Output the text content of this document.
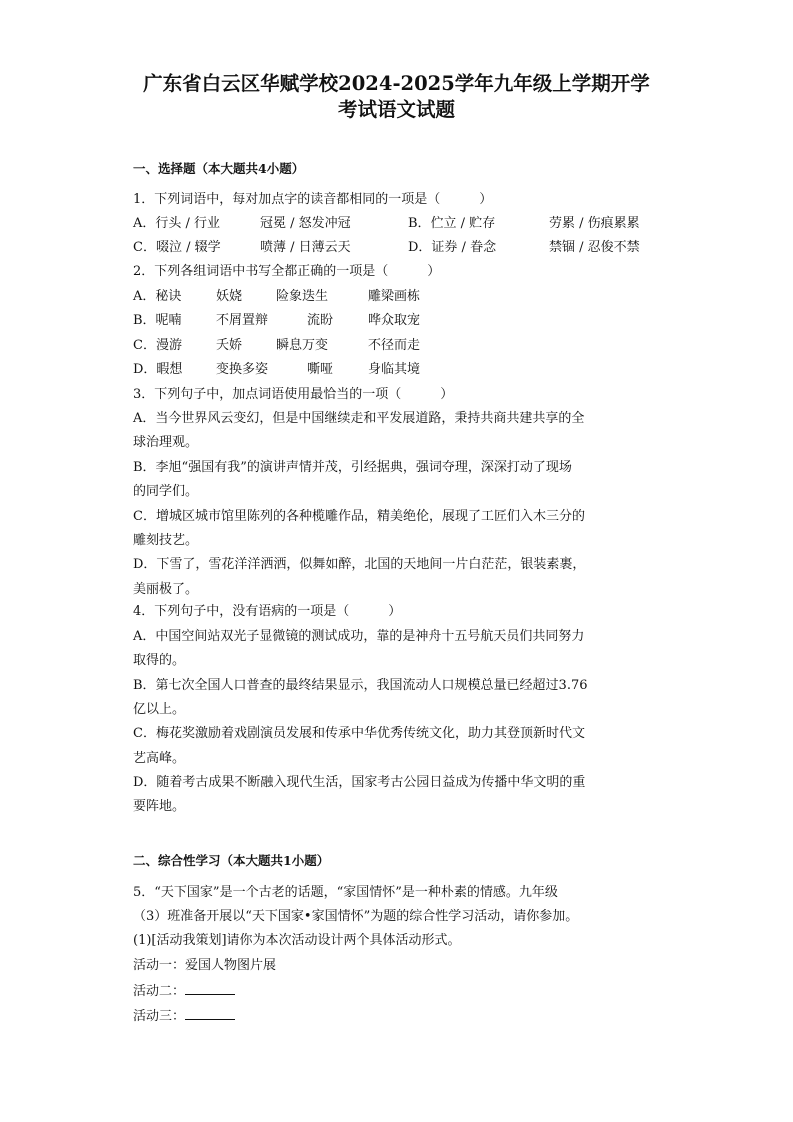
广东省白云区华赋学校2024-2025学年九年级上学期开学
考试语文试题
一、选择题（本大题共4小题）
1．下列词语中，每对加点字的读音都相同的一项是（　　　）
A．行头 / 行业	冠冕 / 怒发冲冠	B．伫立 / 贮存	劳累 / 伤痕累累
C．啜泣 / 辍学	喷薄 / 日薄云天	D．证券 / 眷念	禁锢 / 忍俊不禁
2．下列各组词语中书写全都正确的一项是（　　　）
A．秘诀	妖娆	险象迭生	雕梁画栋
B．呢喃	不屑置辩	流盼	哗众取宠
C．漫游	夭娇	瞬息万变	不径而走
D．暇想	变换多姿	嘶哑	身临其境
3．下列句子中，加点词语使用最恰当的一项（　　　）
A．当今世界风云变幻，但是中国继续走和平发展道路，秉持共商共建共享的全
球治理观。
B．李旭“强国有我”的演讲声情并茂，引经据典，强词夺理，深深打动了现场
的同学们。
C．增城区城市馆里陈列的各种榄雕作品，精美绝伦，展现了工匠们入木三分的
雕刻技艺。
D．下雪了，雪花洋洋洒洒，似舞如醉，北国的天地间一片白茫茫，银装素裹，
美丽极了。
4．下列句子中，没有语病的一项是（　　　）
A．中国空间站双光子显微镜的测试成功，靠的是神舟十五号航天员们共同努力
取得的。
B．第七次全国人口普查的最终结果显示，我国流动人口规模总量已经超过3.76
亿以上。
C．梅花奖激励着戏剧演员发展和传承中华优秀传统文化，助力其登顶新时代文
艺高峰。
D．随着考古成果不断融入现代生活，国家考古公园日益成为传播中华文明的重
要阵地。
二、综合性学习（本大题共1小题）
5．“天下国家”是一个古老的话题，“家国情怀”是一种朴素的情感。九年级
（3）班准备开展以“天下国家•家国情怀”为题的综合性学习活动，请你参加。
(1)[活动我策划]请你为本次活动设计两个具体活动形式。
活动一：爱国人物图片展
活动二：
活动三：
